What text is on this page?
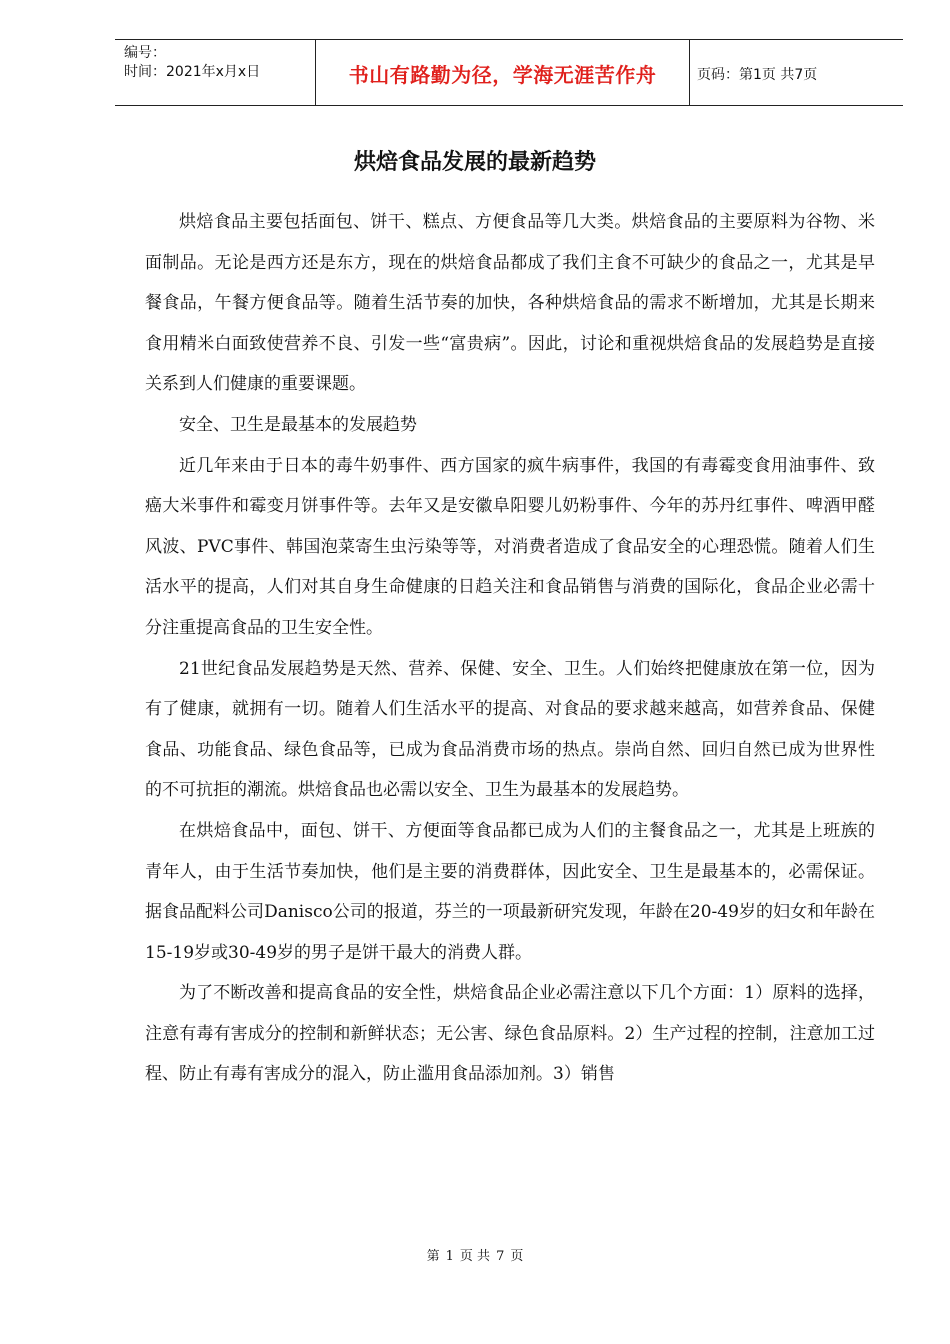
编号：
时间：2021年x月x日	书山有路勤为径，学海无涯苦作舟	页码：第1页 共7页
烘焙食品发展的最新趋势

烘焙食品主要包括面包、饼干、糕点、方便食品等几大类。烘焙食品的主要原料为谷物、米面制品。无论是西方还是东方，现在的烘焙食品都成了我们主食不可缺少的食品之一，尤其是早餐食品，午餐方便食品等。随着生活节奏的加快，各种烘焙食品的需求不断增加，尤其是长期来食用精米白面致使营养不良、引发一些“富贵病”。因此，讨论和重视烘焙食品的发展趋势是直接关系到人们健康的重要课题。

安全、卫生是最基本的发展趋势

近几年来由于日本的毒牛奶事件、西方国家的疯牛病事件，我国的有毒霉变食用油事件、致癌大米事件和霉变月饼事件等。去年又是安徽阜阳婴儿奶粉事件、今年的苏丹红事件、啤酒甲醛风波、PVC事件、韩国泡菜寄生虫污染等等，对消费者造成了食品安全的心理恐慌。随着人们生活水平的提高，人们对其自身生命健康的日趋关注和食品销售与消费的国际化，食品企业必需十分注重提高食品的卫生安全性。

21世纪食品发展趋势是天然、营养、保健、安全、卫生。人们始终把健康放在第一位，因为有了健康，就拥有一切。随着人们生活水平的提高、对食品的要求越来越高，如营养食品、保健食品、功能食品、绿色食品等，已成为食品消费市场的热点。崇尚自然、回归自然已成为世界性的不可抗拒的潮流。烘焙食品也必需以安全、卫生为最基本的发展趋势。

在烘焙食品中，面包、饼干、方便面等食品都已成为人们的主餐食品之一，尤其是上班族的青年人，由于生活节奏加快，他们是主要的消费群体，因此安全、卫生是最基本的，必需保证。据食品配料公司Danisco公司的报道，芬兰的一项最新研究发现，年龄在20-49岁的妇女和年龄在15-19岁或30-49岁的男子是饼干最大的消费人群。

为了不断改善和提高食品的安全性，烘焙食品企业必需注意以下几个方面：1）原料的选择，注意有毒有害成分的控制和新鲜状态；无公害、绿色食品原料。2）生产过程的控制，注意加工过程、防止有毒有害成分的混入，防止滥用食品添加剂。3）销售

第 1 页 共 7 页
